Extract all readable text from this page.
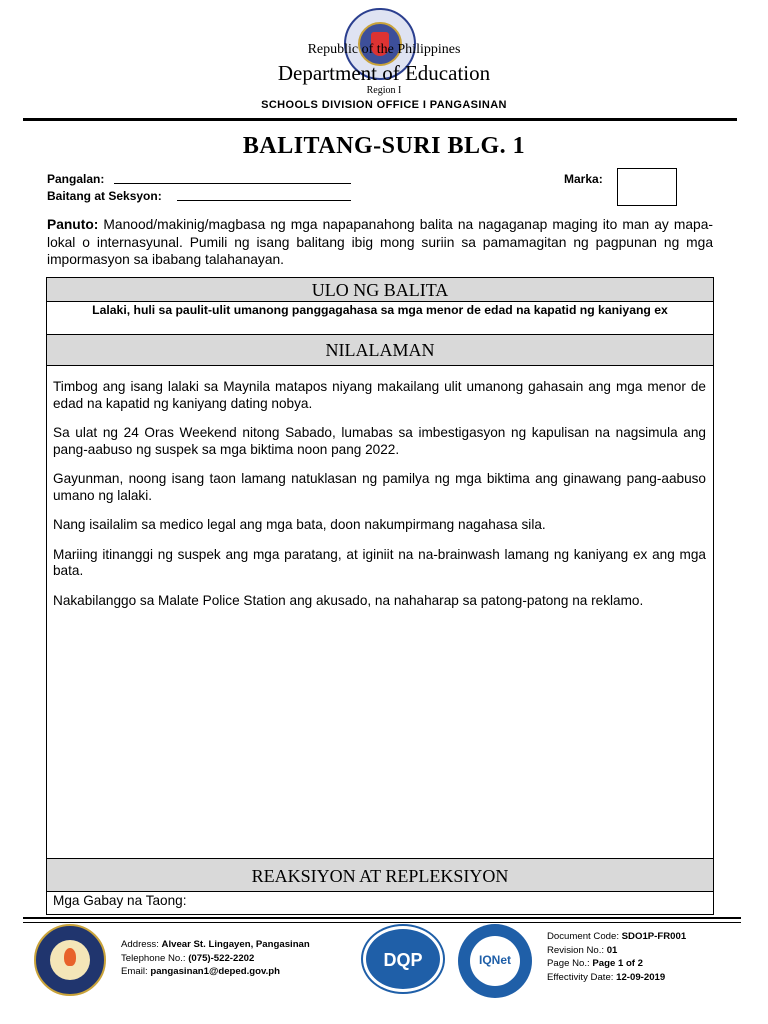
Republic of the Philippines
Department of Education
Region I
SCHOOLS DIVISION OFFICE I PANGASINAN
BALITANG-SURI BLG. 1
Pangalan:
Baitang at Seksyon:
Marka:
Panuto: Manood/makinig/magbasa ng mga napapanahong balita na nagaganap maging ito man ay mapa-lokal o internasyunal. Pumili ng isang balitang ibig mong suriin sa pamamagitan ng pagpunan ng mga impormasyon sa ibabang talahanayan.
ULO NG BALITA
Lalaki, huli sa paulit-ulit umanong panggagahasa sa mga menor de edad na kapatid ng kaniyang ex
NILALAMAN

Timbog ang isang lalaki sa Maynila matapos niyang makailang ulit umanong gahasain ang mga menor de edad na kapatid ng kaniyang dating nobya.

Sa ulat ng 24 Oras Weekend nitong Sabado, lumabas sa imbestigasyon ng kapulisan na nagsimula ang pang-aabuso ng suspek sa mga biktima noon pang 2022.

Gayunman, noong isang taon lamang natuklasan ng pamilya ng mga biktima ang ginawang pang-aabuso umano ng lalaki.

Nang isailalim sa medico legal ang mga bata, doon nakumpirmang nagahasa sila.

Mariing itinanggi ng suspek ang mga paratang, at iginiit na na-brainwash lamang ng kaniyang ex ang mga bata.

Nakabilanggo sa Malate Police Station ang akusado, na nahaharap sa patong-patong na reklamo.

REAKSIYON AT REPLEKSIYON
Mga Gabay na Taong:
Address: Alvear St. Lingayen, Pangasinan
Telephone No.: (075)-522-2202
Email: pangasinan1@deped.gov.ph
DQP	IQNet
Document Code: SDO1P-FR001
Revision No.: 01
Page No.: Page 1 of 2
Effectivity Date: 12-09-2019
